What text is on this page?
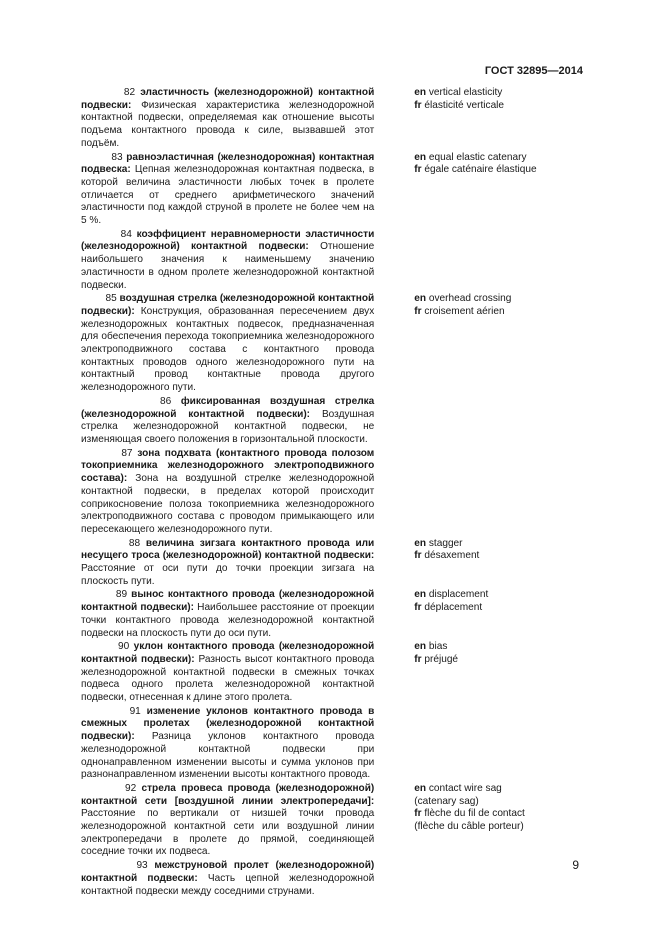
ГОСТ 32895—2014
82 эластичность (железнодорожной) контактной подвески: Физическая характеристика железнодорожной контактной подвески, определяемая как отношение высоты подъема контактного провода к силе, вызвавшей этот подъём.
en vertical elasticity
fr élasticité verticale
83 равноэластичная (железнодорожная) контактная подвеска: Цепная железнодорожная контактная подвеска, в которой величина эластичности любых точек в пролете отличается от среднего арифметического значений эластичности под каждой струной в пролете не более чем на 5 %.
en equal elastic catenary
fr égale caténaire élastique
84 коэффициент неравномерности эластичности (железнодорожной) контактной подвески: Отношение наибольшего значения к наименьшему значению эластичности в одном пролете железнодорожной контактной подвески.
85 воздушная стрелка (железнодорожной контактной подвески): Конструкция, образованная пересечением двух железнодорожных контактных подвесок, предназначенная для обеспечения перехода токоприемника железнодорожного электроподвижного состава с контактного провода контактных проводов одного железнодорожного пути на контактный провод контактные провода другого железнодорожного пути.
en overhead crossing
fr croisement aérien
86 фиксированная воздушная стрелка (железнодорожной контактной подвески): Воздушная стрелка железнодорожной контактной подвески, не изменяющая своего положения в горизонтальной плоскости.
87 зона подхвата (контактного провода полозом токоприемника железнодорожного электроподвижного состава): Зона на воздушной стрелке железнодорожной контактной подвески, в пределах которой происходит соприкосновение полоза токоприемника железнодорожного электроподвижного состава с проводом примыкающего или пересекающего железнодорожного пути.
88 величина зигзага контактного провода или несущего троса (железнодорожной) контактной подвески: Расстояние от оси пути до точки проекции зигзага на плоскость пути.
en stagger
fr désaxement
89 вынос контактного провода (железнодорожной контактной подвески): Наибольшее расстояние от проекции точки контактного провода железнодорожной контактной подвески на плоскость пути до оси пути.
en displacement
fr déplacement
90 уклон контактного провода (железнодорожной контактной подвески): Разность высот контактного провода железнодорожной контактной подвески в смежных точках подвеса одного пролета железнодорожной контактной подвески, отнесенная к длине этого пролета.
en bias
fr préjugé
91 изменение уклонов контактного провода в смежных пролетах (железнодорожной контактной подвески): Разница уклонов контактного провода железнодорожной контактной подвески при однонаправленном изменении высоты и сумма уклонов при разнонаправленном изменении высоты контактного провода.
92 стрела провеса провода (железнодорожной) контактной сети [воздушной линии электропередачи]: Расстояние по вертикали от низшей точки провода железнодорожной контактной сети или воздушной линии электропередачи в пролете до прямой, соединяющей соседние точки их подвеса.
en contact wire sag
(catenary sag)
fr flèche du fil de contact
(flèche du câble porteur)
93 межструновой пролет (железнодорожной) контактной подвески: Часть цепной железнодорожной контактной подвески между соседними струнами.
9
